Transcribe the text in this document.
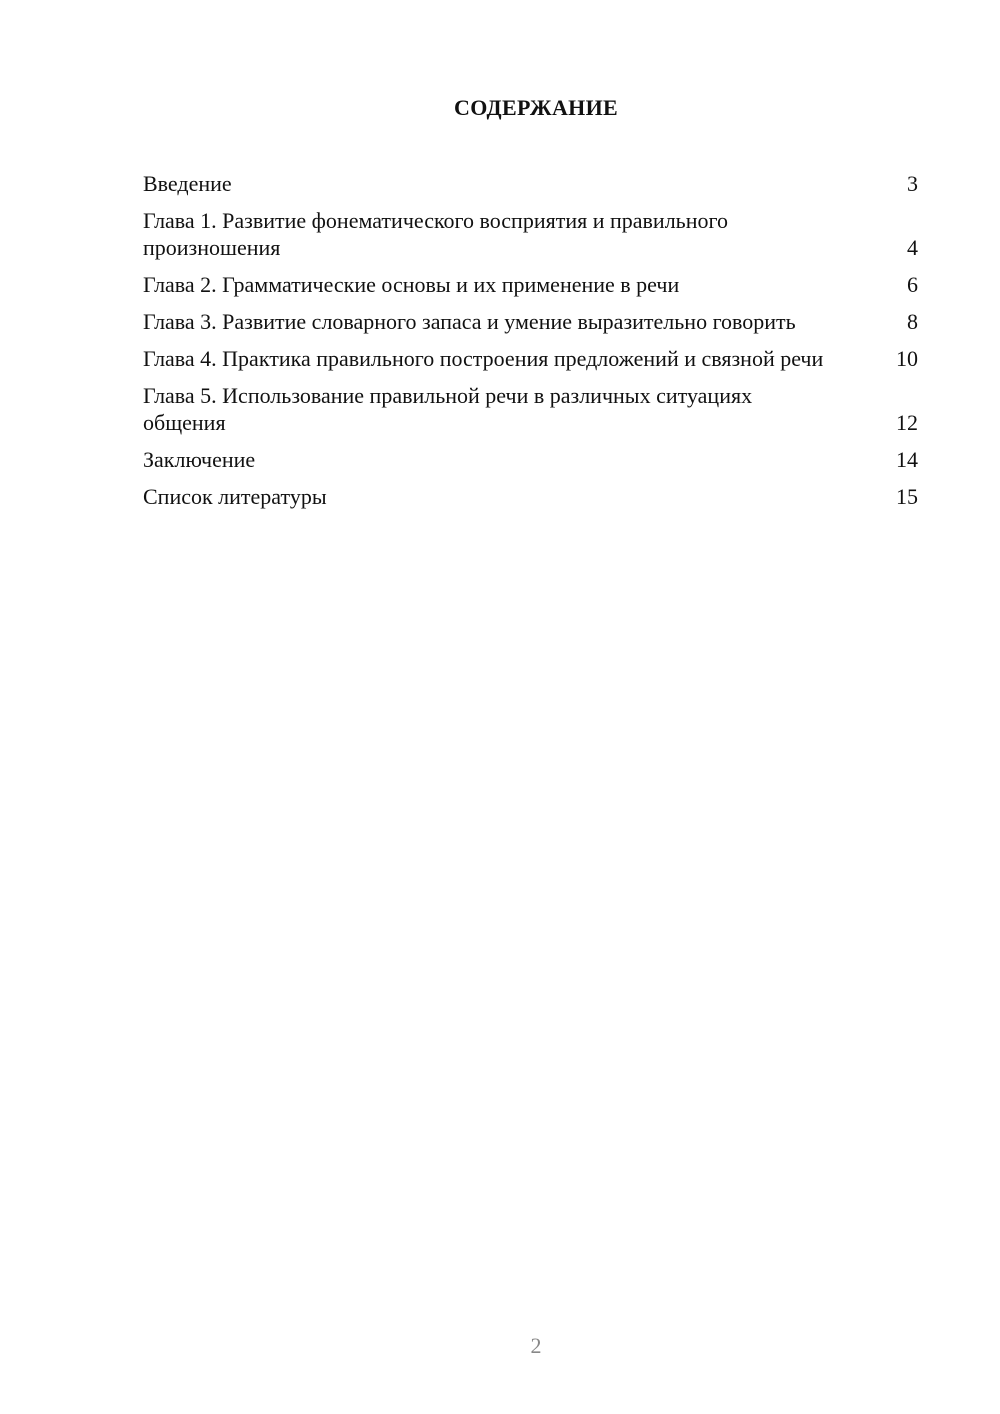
СОДЕРЖАНИЕ
Введение	3
Глава 1. Развитие фонематического восприятия и правильного произношения	4
Глава 2. Грамматические основы и их применение в речи	6
Глава 3. Развитие словарного запаса и умение выразительно говорить	8
Глава 4. Практика правильного построения предложений и связной речи	10
Глава 5. Использование правильной речи в различных ситуациях общения	12
Заключение	14
Список литературы	15
2
